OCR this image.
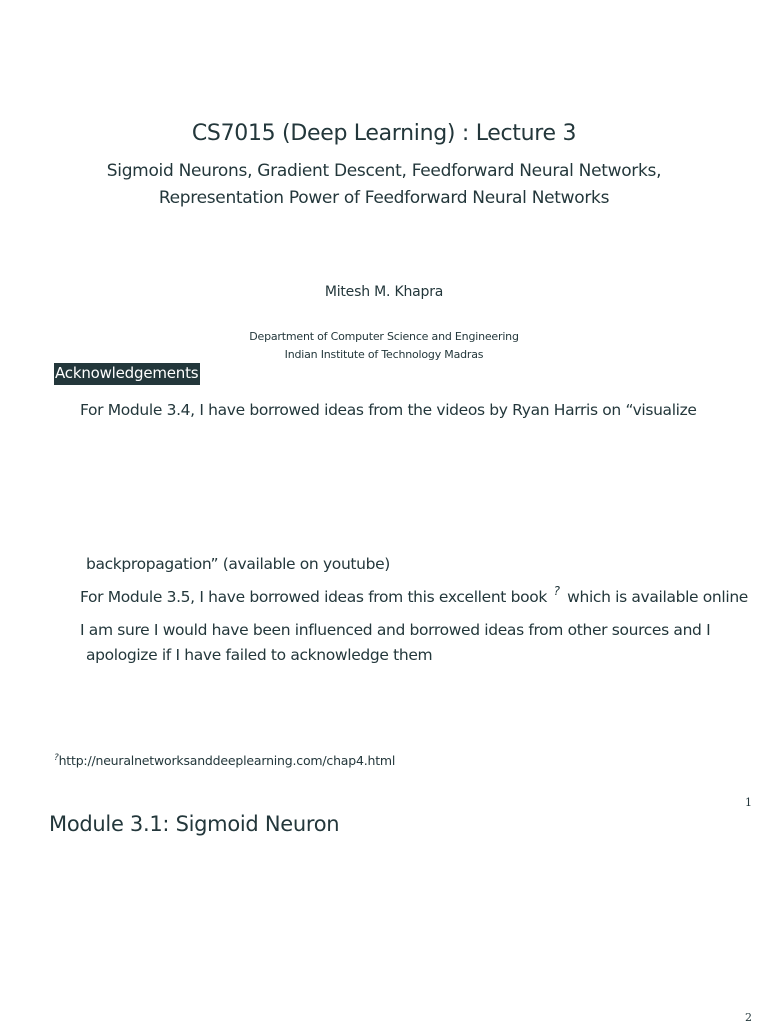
CS7015 (Deep Learning) : Lecture 3
Sigmoid Neurons, Gradient Descent, Feedforward Neural Networks,
Representation Power of Feedforward Neural Networks
Mitesh M. Khapra
Department of Computer Science and Engineering
Indian Institute of Technology Madras
Acknowledgements
For Module 3.4, I have borrowed ideas from the videos by Ryan Harris on “visualize
backpropagation” (available on youtube)
For Module 3.5, I have borrowed ideas from this excellent book ? which is available online
I am sure I would have been influenced and borrowed ideas from other sources and I
apologize if I have failed to acknowledge them
?http://neuralnetworksanddeeplearning.com/chap4.html
1
Module 3.1: Sigmoid Neuron
2
